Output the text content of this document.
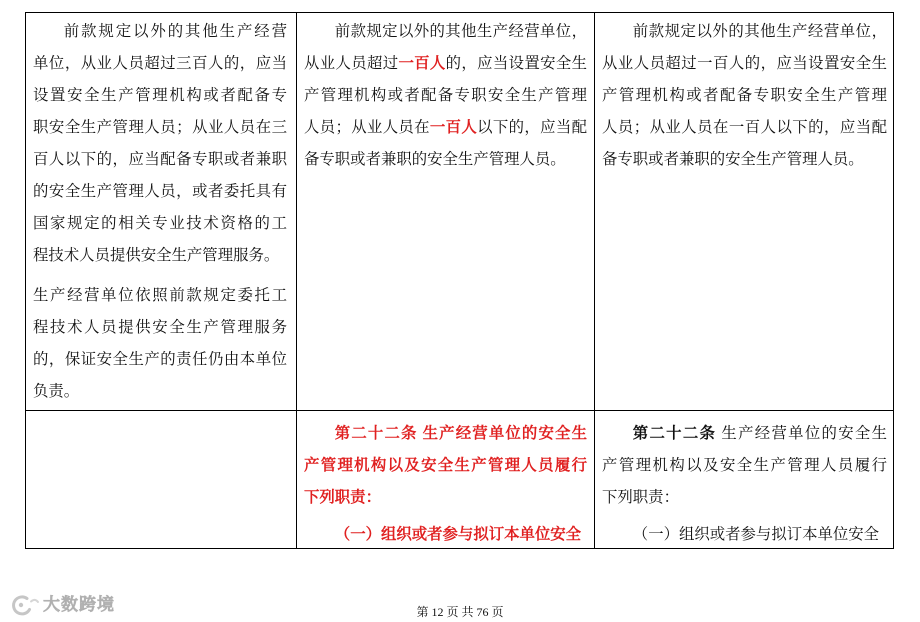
前款规定以外的其他生产经营
单位，从业人员超过三百人的，应当
设置安全生产管理机构或者配备专
职安全生产管理人员；从业人员在三
百人以下的，应当配备专职或者兼职
的安全生产管理人员，或者委托具有
国家规定的相关专业技术资格的工
程技术人员提供安全生产管理服务。
生产经营单位依照前款规定委托工
程技术人员提供安全生产管理服务
的，保证安全生产的责任仍由本单位
负责。
前款规定以外的其他生产经营单位，
从业人员超过一百人的，应当设置安全生
产管理机构或者配备专职安全生产管理
人员；从业人员在一百人以下的，应当配
备专职或者兼职的安全生产管理人员。
前款规定以外的其他生产经营单位，
从业人员超过一百人的，应当设置安全生
产管理机构或者配备专职安全生产管理
人员；从业人员在一百人以下的，应当配
备专职或者兼职的安全生产管理人员。
第二十二条 生产经营单位的安全生
产管理机构以及安全生产管理人员履行
下列职责：
（一）组织或者参与拟订本单位安全
第二十二条 生产经营单位的安全生
产管理机构以及安全生产管理人员履行
下列职责：
（一）组织或者参与拟订本单位安全
大数跨境	第 12 页 共 76 页
